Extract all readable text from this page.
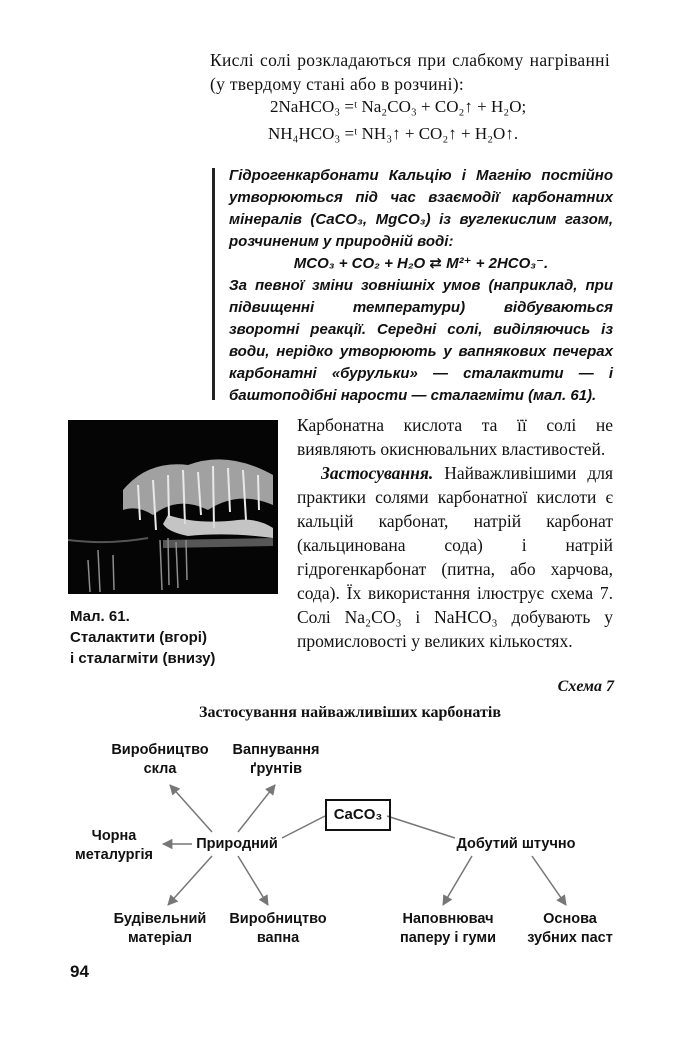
Кислі солі розкладаються при слабкому нагріванні (у твердому стані або в розчині):
2NaHCO₃ =ᵗ Na₂CO₃ + CO₂↑ + H₂O;
NH₄HCO₃ =ᵗ NH₃↑ + CO₂↑ + H₂O↑.

Гідрогенкарбонати Кальцію і Магнію постійно утворюються під час взаємодії карбонатних мінералів (CaCO₃, MgCO₃) із вуглекислим газом, розчиненим у природній воді:

MCO₃ + CO₂ + H₂O ⇄ M²⁺ + 2HCO₃⁻.

За певної зміни зовнішніх умов (наприклад, при підвищенні температури) відбуваються зворотні реакції. Середні солі, виділяючись із води, нерідко утворюють у вапнякових печерах карбонатні «бурульки» — сталактити — і баштоподібні нарости — сталагміти (мал. 61).

Мал. 61.
Сталактити (вгорі)
і сталагміти (внизу)

Карбонатна кислота та її солі не виявляють окиснювальних властивостей.

Застосування. Найважливішими для практики солями карбонатної кислоти є кальцій карбонат, натрій карбонат (кальцинована сода) і натрій гідрогенкарбонат (питна, або харчова, сода). Їх використання ілюструє схема 7. Солі Na₂CO₃ і NaHCO₃ добувають у промисловості у великих кількостях.

Схема 7
Застосування найважливіших карбонатів
CaCO₃
Природний	Добутий штучно
Виробництво
скла
Вапнування
ґрунтів
Чорна
металургія
Будівельний
матеріал
Виробництво
вапна
Наповнювач
паперу і гуми
Основа
зубних паст
94
